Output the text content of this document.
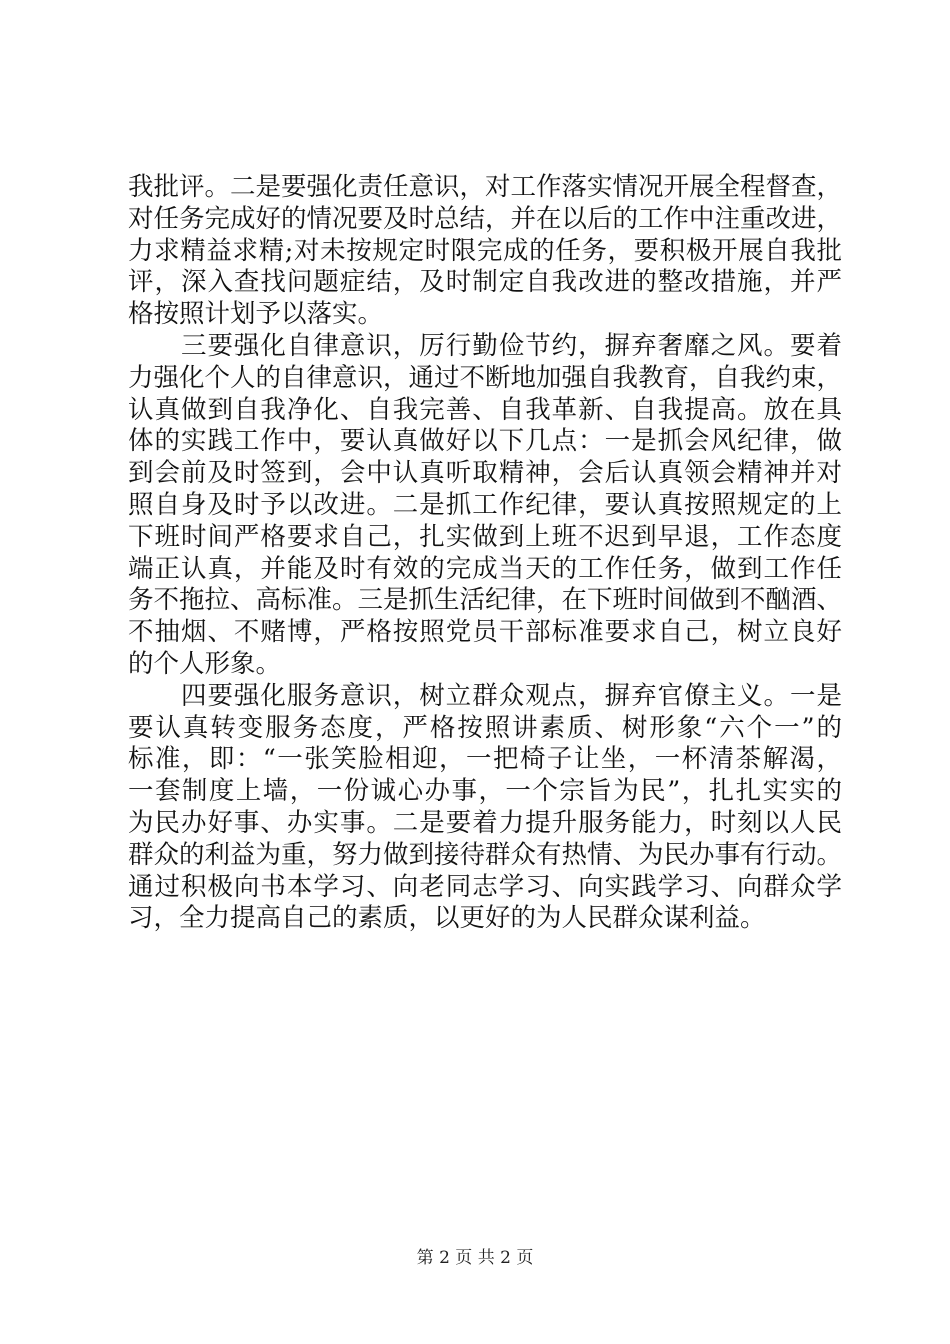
我批评。二是要强化责任意识，对工作落实情况开展全程督查，
对任务完成好的情况要及时总结，并在以后的工作中注重改进，
力求精益求精;对未按规定时限完成的任务，要积极开展自我批
评，深入查找问题症结，及时制定自我改进的整改措施，并严
格按照计划予以落实。
　　三要强化自律意识，厉行勤俭节约，摒弃奢靡之风。要着
力强化个人的自律意识，通过不断地加强自我教育，自我约束，
认真做到自我净化、自我完善、自我革新、自我提高。放在具
体的实践工作中，要认真做好以下几点：一是抓会风纪律，做
到会前及时签到，会中认真听取精神，会后认真领会精神并对
照自身及时予以改进。二是抓工作纪律，要认真按照规定的上
下班时间严格要求自己，扎实做到上班不迟到早退，工作态度
端正认真，并能及时有效的完成当天的工作任务，做到工作任
务不拖拉、高标准。三是抓生活纪律，在下班时间做到不酗酒、
不抽烟、不赌博，严格按照党员干部标准要求自己，树立良好
的个人形象。
　　四要强化服务意识，树立群众观点，摒弃官僚主义。一是
要认真转变服务态度，严格按照讲素质、树形象“六个一”的
标准，即：“一张笑脸相迎，一把椅子让坐，一杯清茶解渴，
一套制度上墙，一份诚心办事，一个宗旨为民”，扎扎实实的
为民办好事、办实事。二是要着力提升服务能力，时刻以人民
群众的利益为重，努力做到接待群众有热情、为民办事有行动。
通过积极向书本学习、向老同志学习、向实践学习、向群众学
习，全力提高自己的素质，以更好的为人民群众谋利益。
第 2 页 共 2 页
